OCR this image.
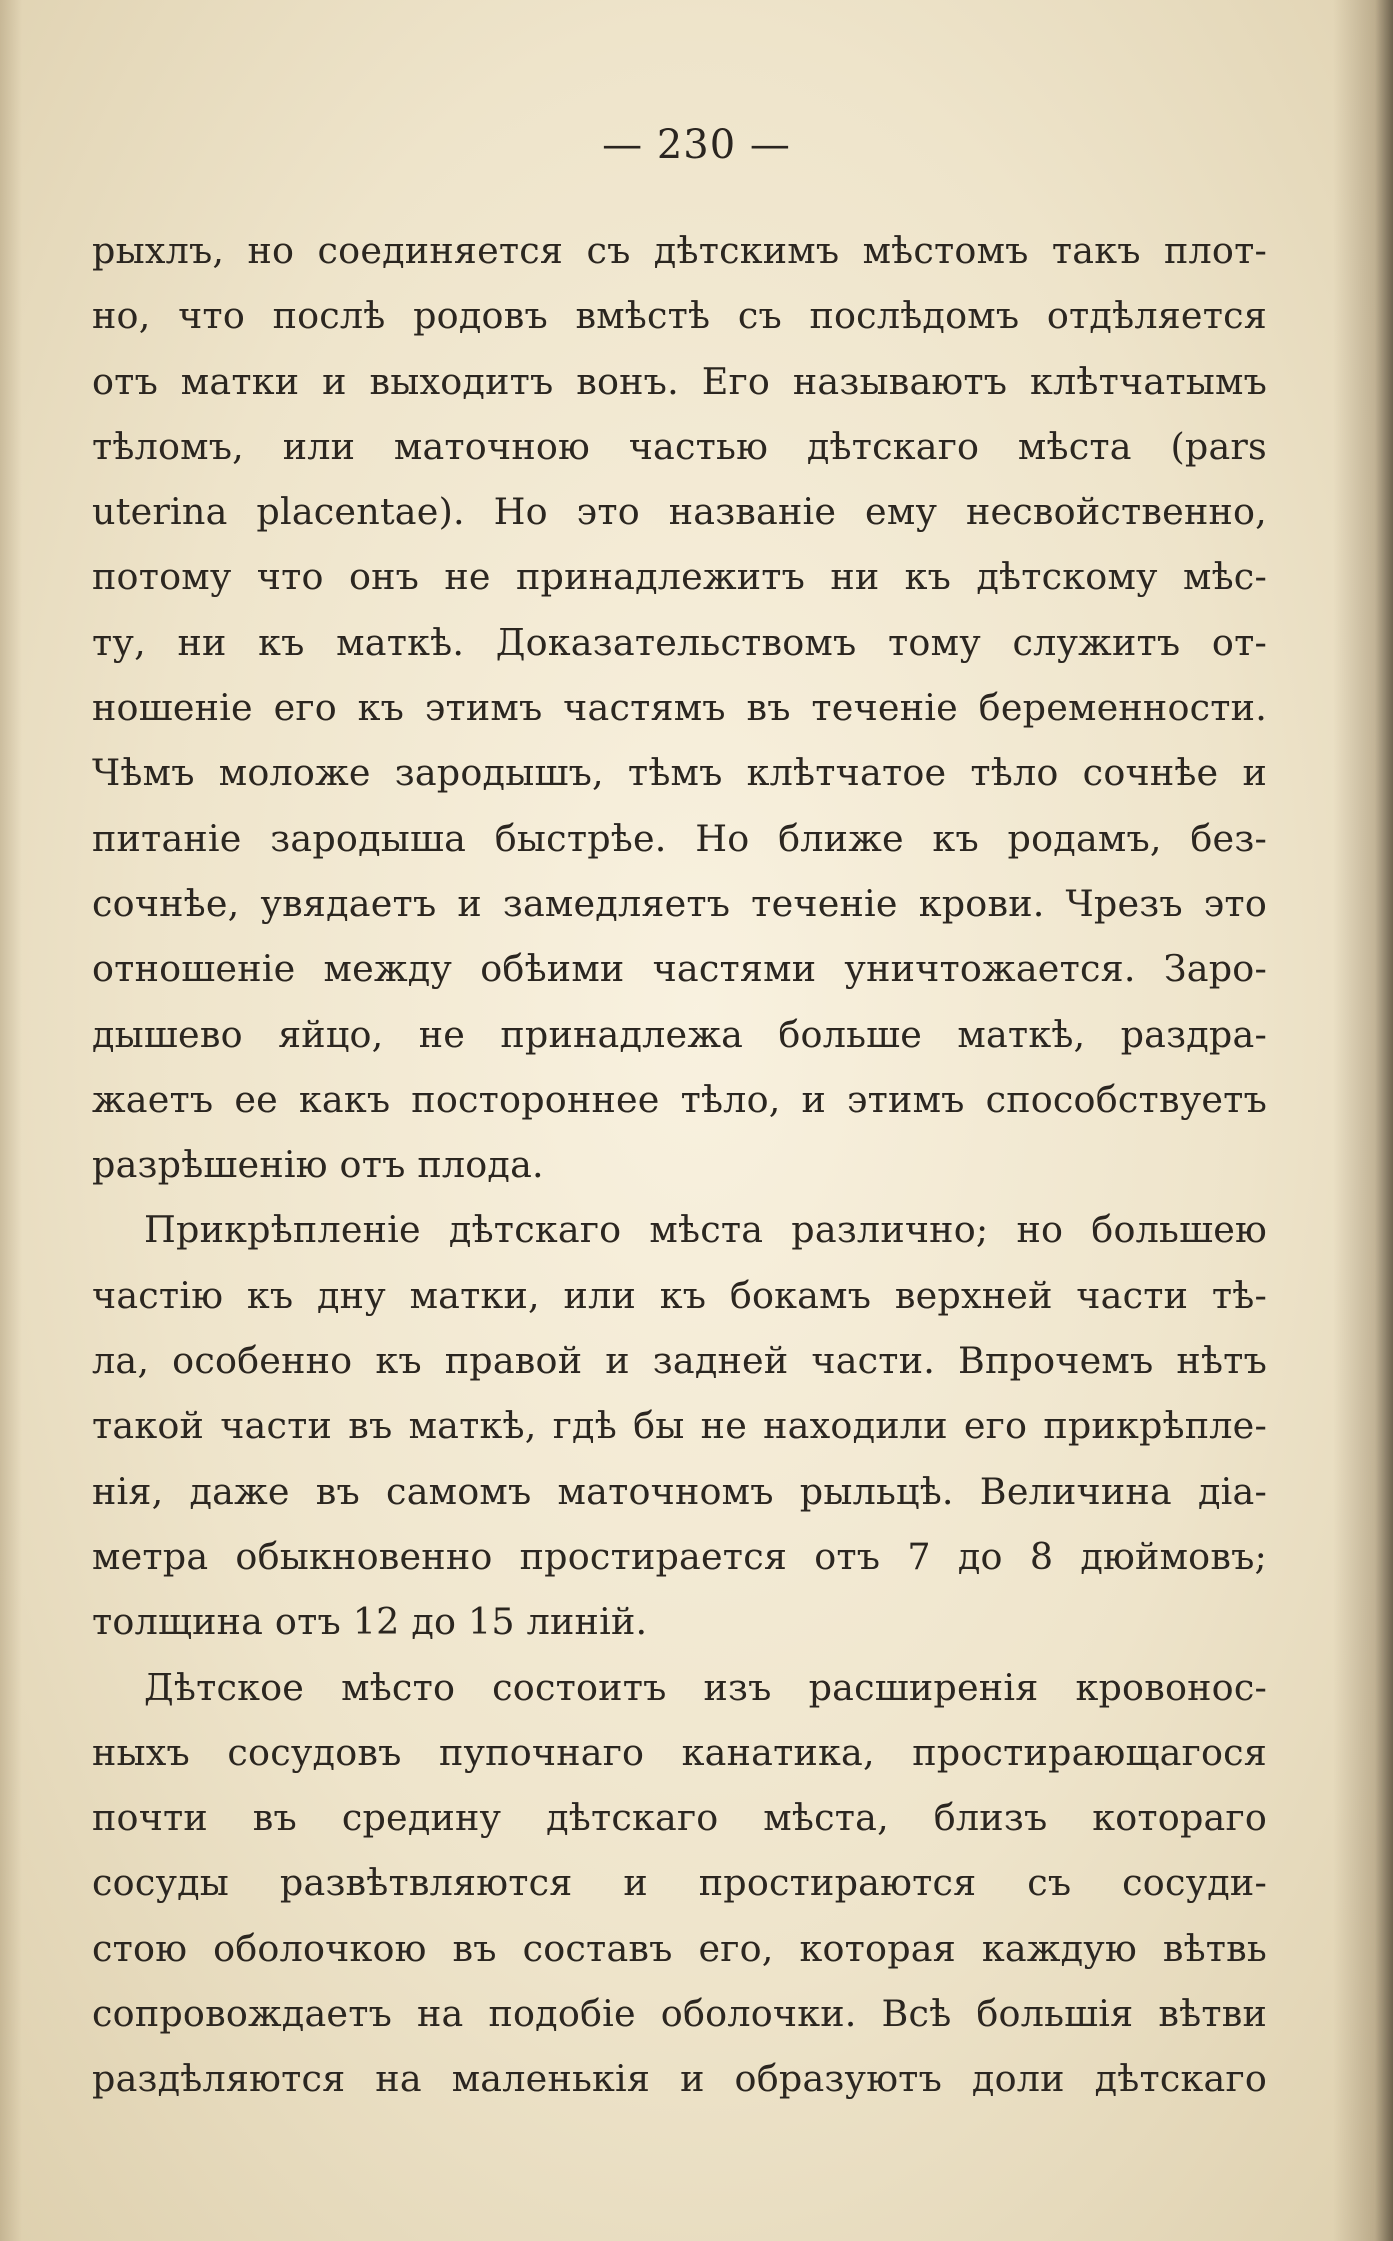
— 230 —
рыхлъ, но соединяется съ дѣтскимъ мѣстомъ такъ плот-
но, что послѣ родовъ вмѣстѣ съ послѣдомъ отдѣляется
отъ матки и выходитъ вонъ. Его называютъ клѣтчатымъ
тѣломъ, или маточною частью дѣтскаго мѣста (pars
uterina placentae). Но это названіе ему несвойственно,
потому что онъ не принадлежитъ ни къ дѣтскому мѣс-
ту, ни къ маткѣ. Доказательствомъ тому служитъ от-
ношеніе его къ этимъ частямъ въ теченіе беременности.
Чѣмъ моложе зародышъ, тѣмъ клѣтчатое тѣло сочнѣе и
питаніе зародыша быстрѣе. Но ближе къ родамъ, без-
сочнѣе, увядаетъ и замедляетъ теченіе крови. Чрезъ это
отношеніе между обѣими частями уничтожается. Заро-
дышево яйцо, не принадлежа больше маткѣ, раздра-
жаетъ ее какъ постороннее тѣло, и этимъ способствуетъ
разрѣшенію отъ плода.
Прикрѣпленіе дѣтскаго мѣста различно; но большею
частію къ дну матки, или къ бокамъ верхней части тѣ-
ла, особенно къ правой и задней части. Впрочемъ нѣтъ
такой части въ маткѣ, гдѣ бы не находили его прикрѣпле-
нія, даже въ самомъ маточномъ рыльцѣ. Величина діа-
метра обыкновенно простирается отъ 7 до 8 дюймовъ;
толщина отъ 12 до 15 линій.
Дѣтское мѣсто состоитъ изъ расширенія кровонос-
ныхъ сосудовъ пупочнаго канатика, простирающагося
почти въ средину дѣтскаго мѣста, близъ котораго
сосуды развѣтвляются и простираются съ сосуди-
стою оболочкою въ составъ его, которая каждую вѣтвь
сопровождаетъ на подобіе оболочки. Всѣ большія вѣтви
раздѣляются на маленькія и образуютъ доли дѣтскаго
